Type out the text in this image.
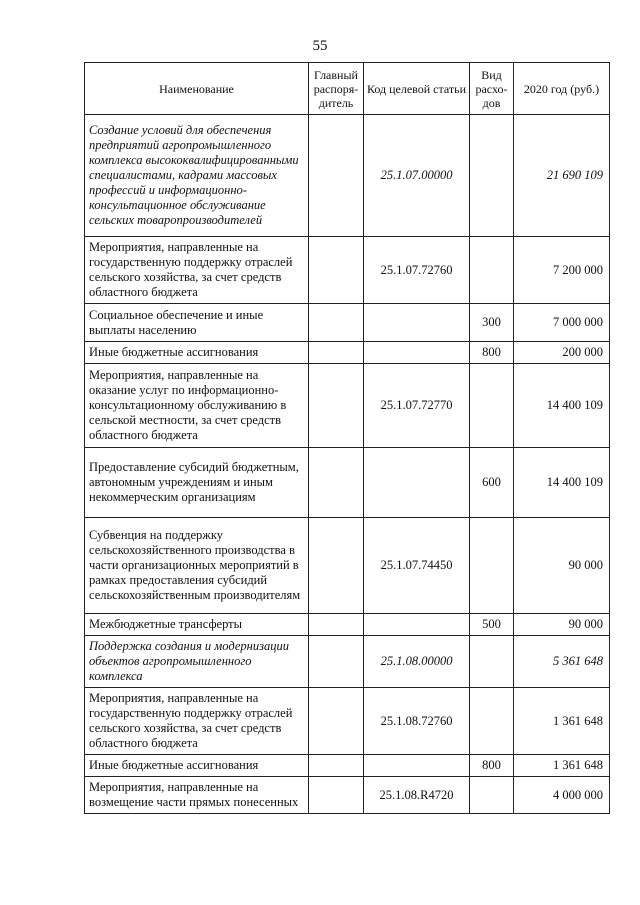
55
Наименование	Главный распоря-дитель	Код целевой статьи	Вид расхо-дов	2020 год (руб.)
Создание условий для обеспечения предприятий агропромышленного комплекса высококвалифицированными специалистами, кадрами массовых профессий и информационно-консультационное обслуживание сельских товаропроизводителей		25.1.07.00000		21 690 109
Мероприятия, направленные на государственную поддержку отраслей сельского хозяйства, за счет средств областного бюджета		25.1.07.72760		7 200 000
Социальное обеспечение и иные выплаты населению			300	7 000 000
Иные бюджетные ассигнования			800	200 000
Мероприятия, направленные на оказание услуг по информационно-консультационному обслуживанию в сельской местности, за счет средств областного бюджета		25.1.07.72770		14 400 109
Предоставление субсидий бюджетным, автономным учреждениям и иным некоммерческим организациям			600	14 400 109
Субвенция на поддержку сельскохозяйственного производства в части организационных мероприятий в рамках предоставления субсидий сельскохозяйственным производителям		25.1.07.74450		90 000
Межбюджетные трансферты			500	90 000
Поддержка создания и модернизации объектов агропромышленного комплекса		25.1.08.00000		5 361 648
Мероприятия, направленные на государственную поддержку отраслей сельского хозяйства, за счет средств областного бюджета		25.1.08.72760		1 361 648
Иные бюджетные ассигнования			800	1 361 648
Мероприятия, направленные на возмещение части прямых понесенных		25.1.08.R4720		4 000 000
